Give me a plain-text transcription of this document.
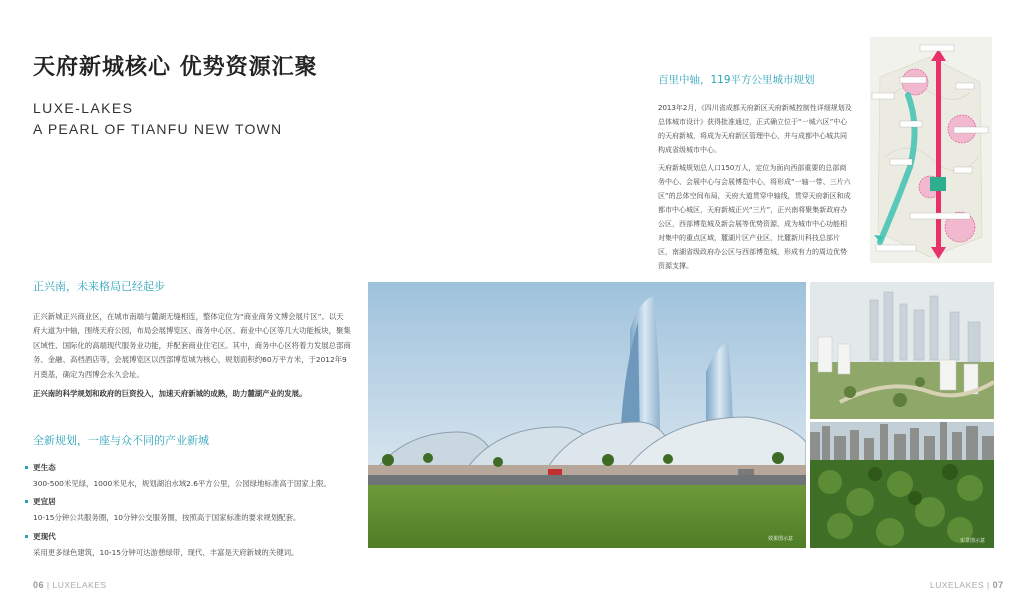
天府新城核心 优势资源汇聚
LUXE-LAKES
A PEARL OF TIANFU NEW TOWN
正兴南，未来格局已经起步
正兴新城正兴商业区，在城市南端与麓湖无缝相连，整体定位为“商业商务文博会展片区”。以天府大道为中轴，围绕天府公园，布局会展博览区、商务中心区、商业中心区等几大功能板块，聚集区域性、国际化的高端现代服务业功能，并配套商业住宅区。其中，商务中心区将着力发展总部商务、金融、高档酒店等，会展博览区以西部博览城为核心，规划面积约60万平方米，于2012年9月奠基，确定为西博会永久会址。
正兴南的科学规划和政府的巨资投入，加速天府新城的成熟，助力麓湖产业的发展。
全新规划，一座与众不同的产业新城
更生态
300-500米见绿，1000米见水，规划湖泊水域2.6平方公里，公园绿地标准高于国家上限。
更宜居
10-15分钟公共服务圈，10分钟公交服务圈，按照高于国家标准的要求规划配套。
更现代
采用更多绿色建筑，10-15分钟可达游憩绿带，现代、丰富是天府新城的关键词。
06 | LUXELAKES
百里中轴，119平方公里城市规划
2013年2月，《四川省成都天府新区天府新城控制性详细规划及总体城市设计》获得批准通过，正式确立位于“一城六区”中心的天府新城，将成为天府新区管理中心，并与成都中心城共同构成省级城市中心。
天府新城规划总人口150万人，定位为面向西部重要的总部商务中心、会展中心与会展博览中心，将形成“一轴一带、三片六区”的总体空间布局，天府大道贯穿中轴线，贯穿天府新区和成都市中心城区，天府新城正兴“三片”，正兴南将聚集新政府办公区，西部博览城及新会展等优势资源，成为城市中心功能相对集中的重点区域，麓湖片区产业区，比麓新川科技总部片区，南湖省级政府办公区与西部博览城，形成有力的周边优势资源支撑。
效果图示意	实景图示意
LUXELAKES | 07
